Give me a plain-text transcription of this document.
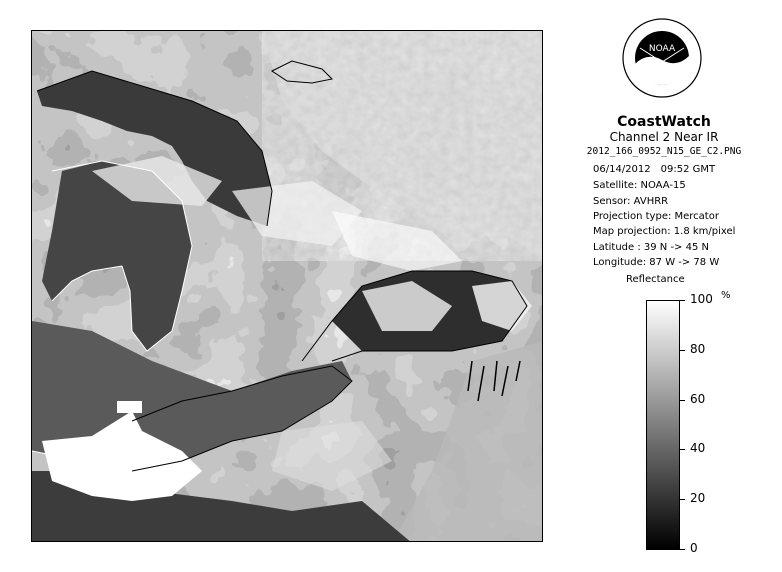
NOAA
CoastWatch
Channel 2 Near IR
2012_166_0952_N15_GE_C2.PNG
06/14/2012 09:52 GMT
Satellite: NOAA-15
Sensor: AVHRR
Projection type: Mercator
Map projection: 1.8 km/pixel
Latitude : 39 N -> 45 N
Longitude: 87 W -> 78 W
Reflectance
%
100
80
60
40
20
0
